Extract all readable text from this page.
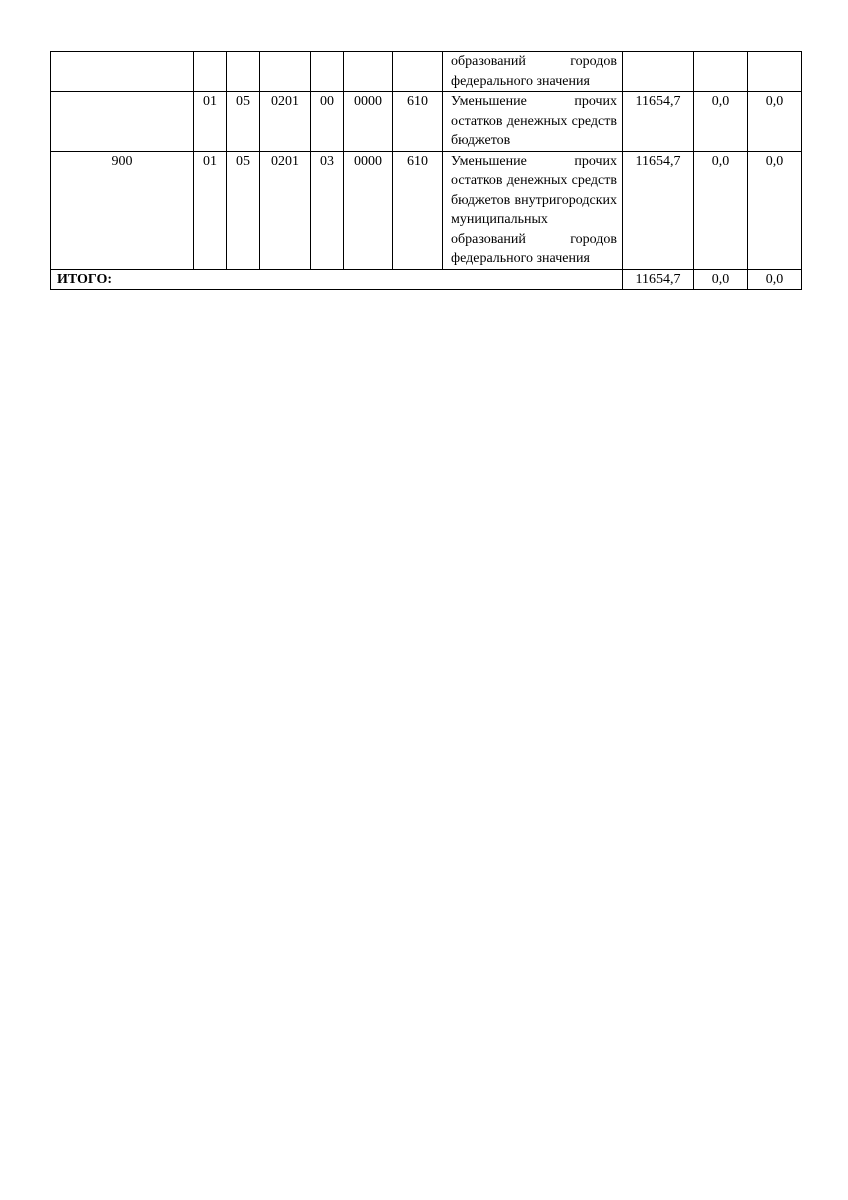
							образований городов федерального значения			
	01	05	0201	00	0000	610	Уменьшение прочих остатков денежных средств бюджетов	11654,7	0,0	0,0
900	01	05	0201	03	0000	610	Уменьшение прочих остатков денежных средств бюджетов внутригородских муниципальных образований городов федерального значения	11654,7	0,0	0,0
ИТОГО:								11654,7	0,0	0,0
